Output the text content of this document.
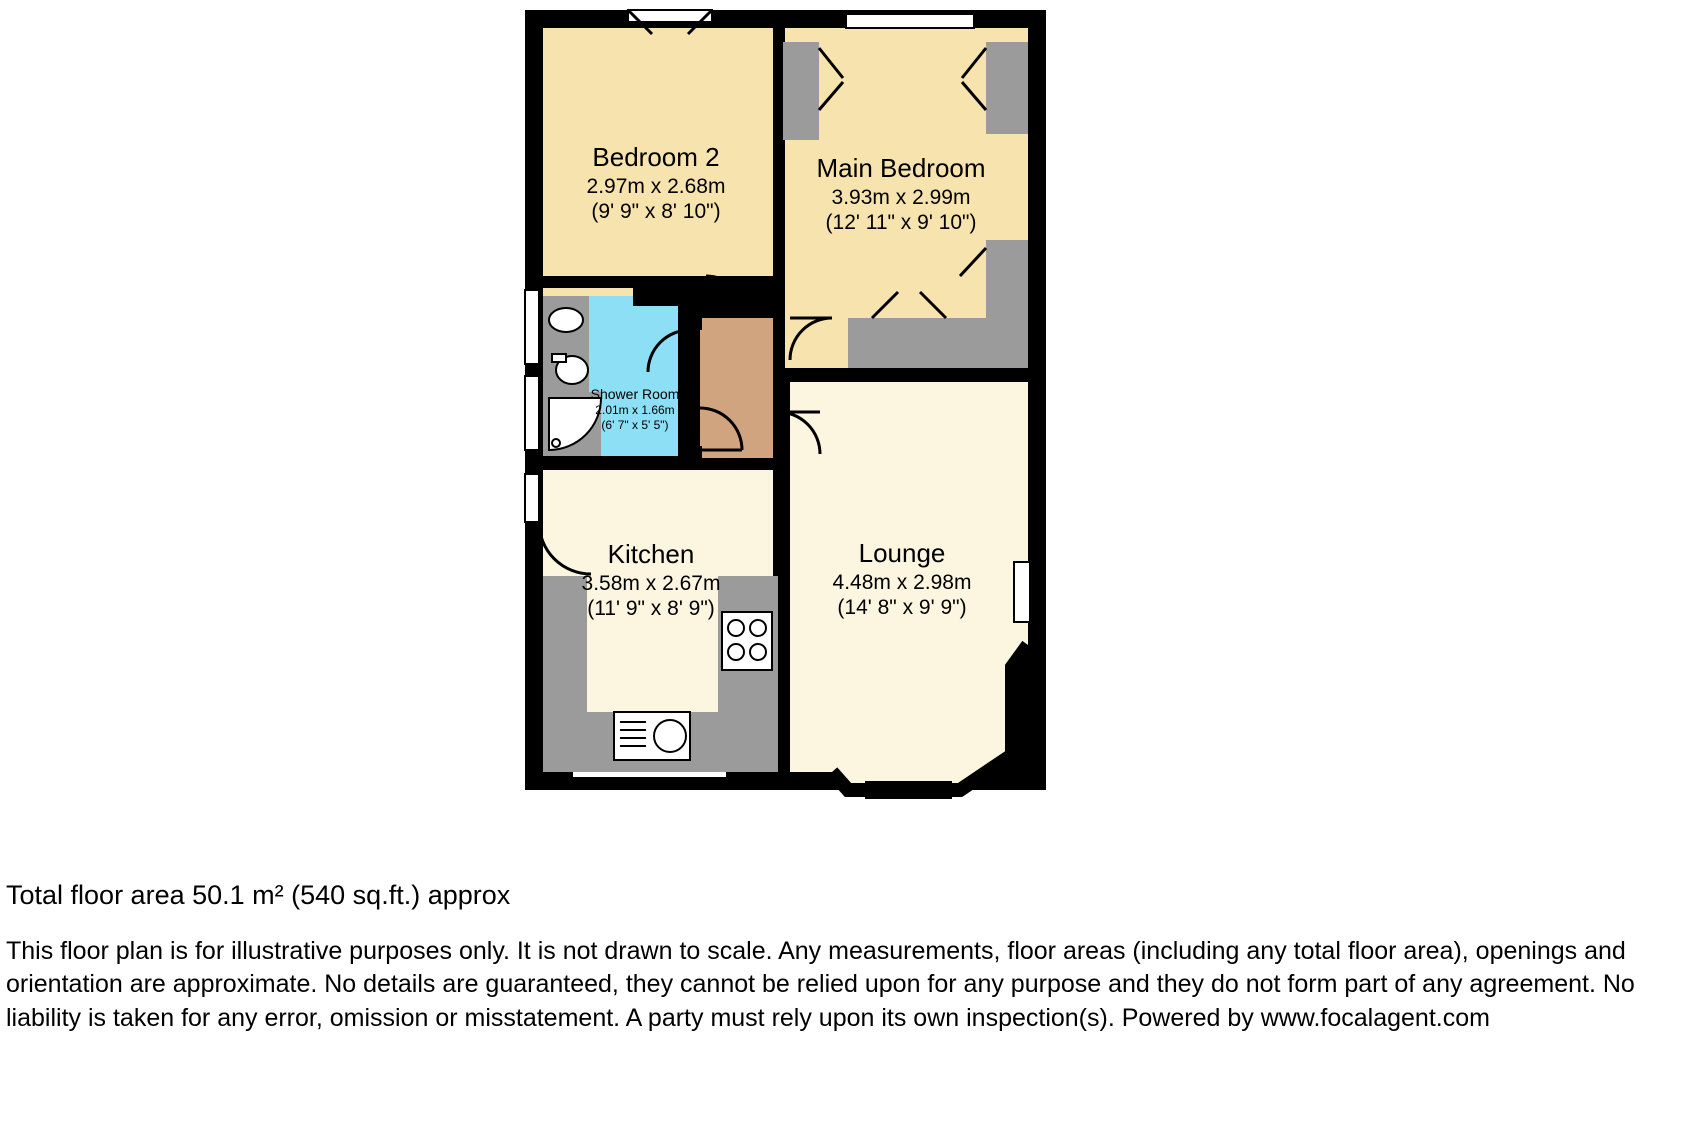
Bedroom 2
2.97m x 2.68m
(9' 9" x 8' 10")
Main Bedroom
3.93m x 2.99m
(12' 11" x 9' 10")
Shower Room
2.01m x 1.66m
(6' 7" x 5' 5")
Kitchen
3.58m x 2.67m
(11' 9" x 8' 9")
Lounge
4.48m x 2.98m
(14' 8" x 9' 9")

Total floor area 50.1 m² (540 sq.ft.) approx

This floor plan is for illustrative purposes only. It is not drawn to scale. Any measurements, floor areas (including any total floor area), openings and orientation are approximate. No details are guaranteed, they cannot be relied upon for any purpose and they do not form part of any agreement. No liability is taken for any error, omission or misstatement. A party must rely upon its own inspection(s). Powered by www.focalagent.com
